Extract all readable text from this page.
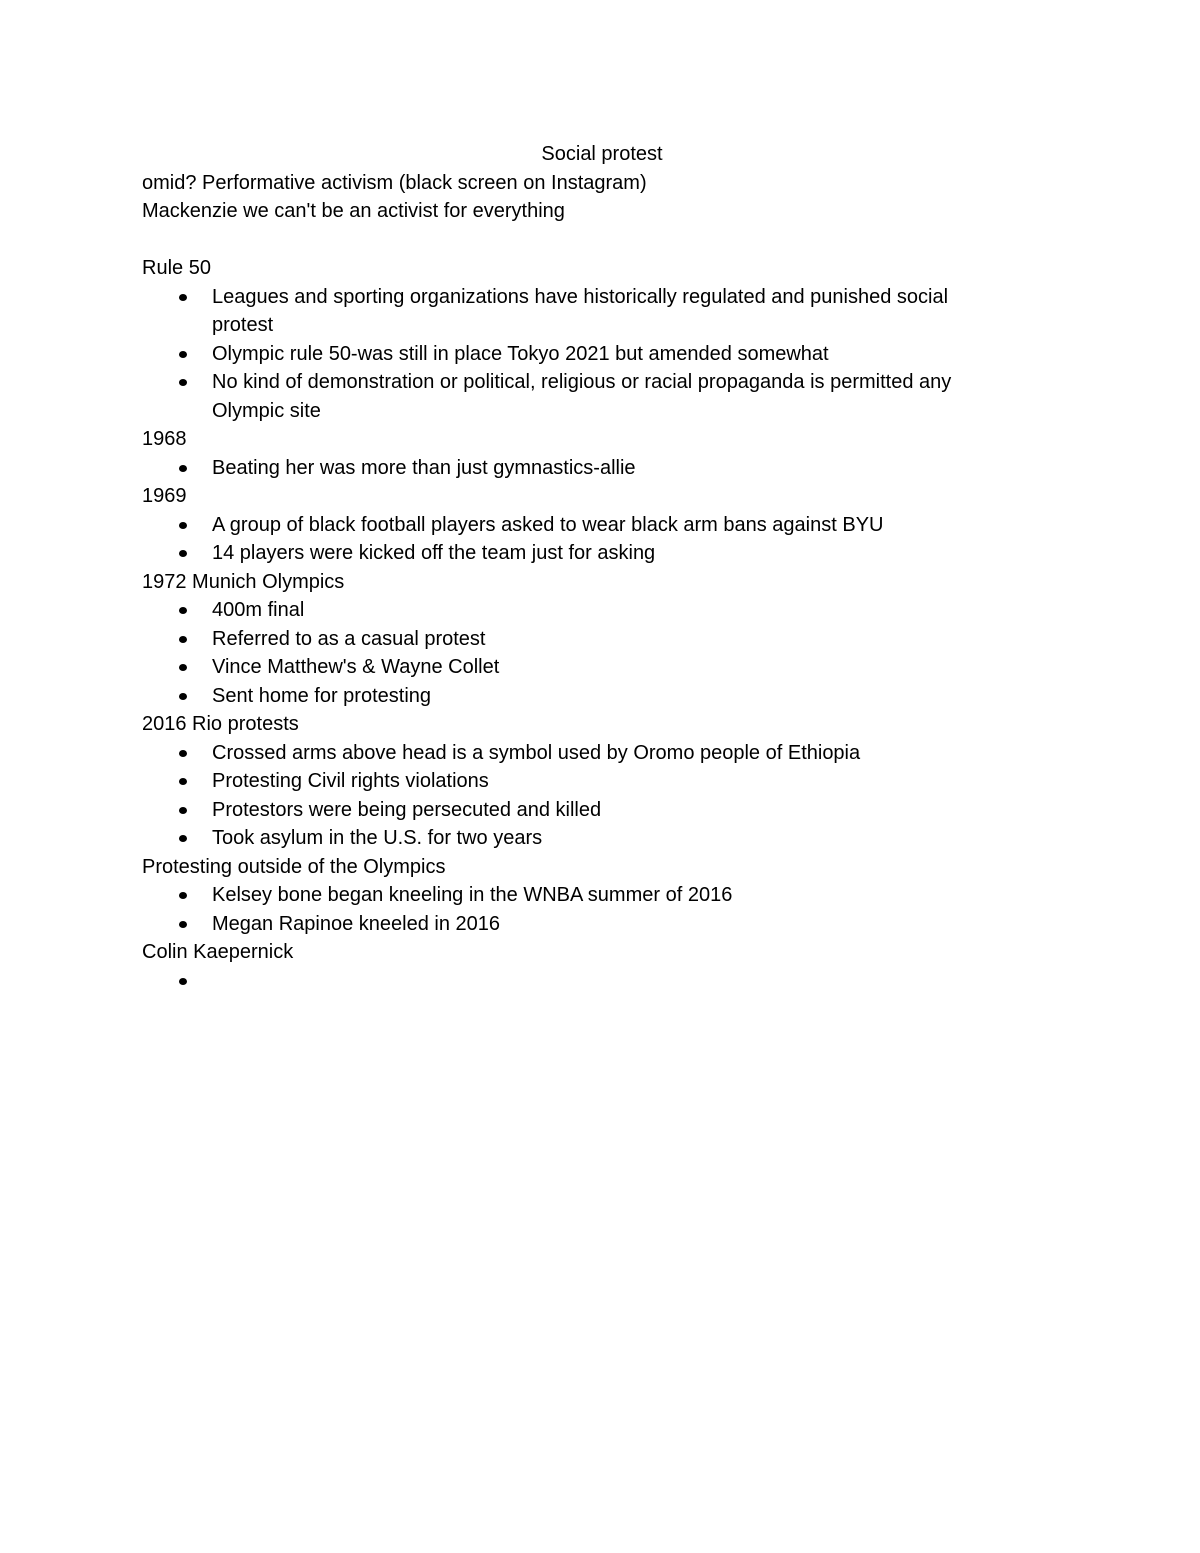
Social protest

omid? Performative activism (black screen on Instagram)

Mackenzie we can't be an activist for everything

Rule 50

Leagues and sporting organizations have historically regulated and punished social protest
Olympic rule 50-was still in place Tokyo 2021 but amended somewhat
No kind of demonstration or political, religious or racial propaganda is permitted any Olympic site

1968

Beating her was more than just gymnastics-allie

1969

A group of black football players asked to wear black arm bans against BYU
14 players were kicked off the team just for asking

1972 Munich Olympics

400m final
Referred to as a casual protest
Vince Matthew's & Wayne Collet
Sent home for protesting

2016 Rio protests

Crossed arms above head is a symbol used by Oromo people of Ethiopia
Protesting Civil rights violations
Protestors were being persecuted and killed
Took asylum in the U.S. for two years

Protesting outside of the Olympics

Kelsey bone began kneeling in the WNBA summer of 2016
Megan Rapinoe kneeled in 2016

Colin Kaepernick
